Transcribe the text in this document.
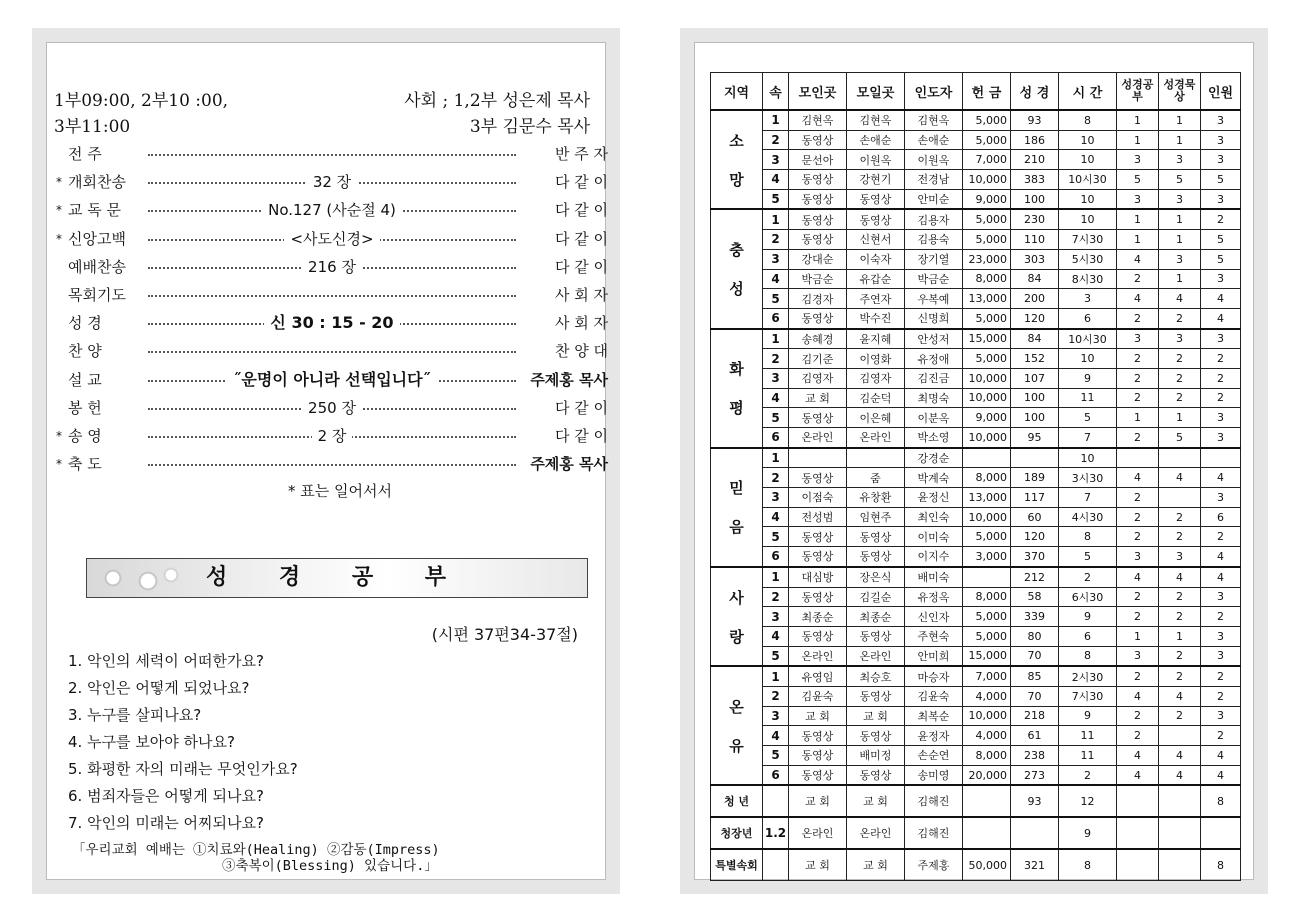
1부09:00, 2부10 :00,	사회 ; 1,2부 성은제 목사
3부11:00	3부 김문수 목사
전 주	반 주 자
* 개회찬송	32 장	다 같 이
* 교 독 문	No.127 (사순절 4)	다 같 이
* 신앙고백	<사도신경>	다 같 이
예배찬송	216 장	다 같 이
목회기도	사 회 자
성 경	신 30 : 15 - 20	사 회 자
찬 양	찬 양 대
설 교	˝운명이 아니라 선택입니다˝	주제홍 목사
봉 헌	250 장	다 같 이
* 송 영	2 장	다 같 이
* 축 도	주제홍 목사
* 표는 일어서서
성 경 공 부
(시편 37편34-37절)
1. 악인의 세력이 어떠한가요?
2. 악인은 어떻게 되었나요?
3. 누구를 살피나요?
4. 누구를 보아야 하나요?
5. 화평한 자의 미래는 무엇인가요?
6. 범죄자들은 어떻게 되나요?
7. 악인의 미래는 어찌되나요?
「우리교회 예배는 ①치료와(Healing) ②감동(Impress)
③축복이(Blessing) 있습니다.」
지역	속	모인곳	모일곳	인도자	헌 금	성 경	시 간	성경공부	성경묵상	인원
소

망	1	김현옥	김현옥	김현옥	5,000	93	8	1	1	3
	2	동영상	손애순	손애순	5,000	186	10	1	1	3
	3	문선아	이원옥	이원옥	7,000	210	10	3	3	3
	4	동영상	강현기	전경남	10,000	383	10시30	5	5	5
	5	동영상	동영상	안미순	9,000	100	10	3	3	3
충

성	1	동영상	동영상	김용자	5,000	230	10	1	1	2
	2	동영상	신현서	김용숙	5,000	110	7시30	1	1	5
	3	강대순	이숙자	장기열	23,000	303	5시30	4	3	5
	4	박금순	유갑순	박금순	8,000	84	8시30	2	1	3
	5	김경자	주연자	우복예	13,000	200	3	4	4	4
	6	동영상	박수진	신명희	5,000	120	6	2	2	4
화

평	1	송혜경	윤지혜	안성저	15,000	84	10시30	3	3	3
	2	김기준	이영화	유정애	5,000	152	10	2	2	2
	3	김영자	김영자	김진금	10,000	107	9	2	2	2
	4	교 회	김순덕	최명숙	10,000	100	11	2	2	2
	5	동영상	이은혜	이분옥	9,000	100	5	1	1	3
	6	온라인	온라인	박소영	10,000	95	7	2	5	3
믿

음	1			강경순			10			
	2	동영상	줌	박계숙	8,000	189	3시30	4	4	4
	3	이점숙	유창환	윤정신	13,000	117	7	2		3
	4	전성범	임현주	최인숙	10,000	60	4시30	2	2	6
	5	동영상	동영상	이미숙	5,000	120	8	2	2	2
	6	동영상	동영상	이지수	3,000	370	5	3	3	4
사

랑	1	대심방	장은식	배미숙		212	2	4	4	4
	2	동영상	김길순	유정옥	8,000	58	6시30	2	2	3
	3	최종순	최종순	신인자	5,000	339	9	2	2	2
	4	동영상	동영상	주현숙	5,000	80	6	1	1	3
	5	온라인	온라인	안미희	15,000	70	8	3	2	3
온

유	1	유영임	최승호	마승자	7,000	85	2시30	2	2	2
	2	김윤숙	동영상	김윤숙	4,000	70	7시30	4	4	2
	3	교 회	교 회	최복순	10,000	218	9	2	2	3
	4	동영상	동영상	윤정자	4,000	61	11	2		2
	5	동영상	배미정	손순연	8,000	238	11	4	4	4
	6	동영상	동영상	송미영	20,000	273	2	4	4	4
청 년		교 회	교 회	김해진		93	12			8
청장년	1.2	온라인	온라인	김해진			9			
특별속회		교 회	교 회	주제홍	50,000	321	8			8
